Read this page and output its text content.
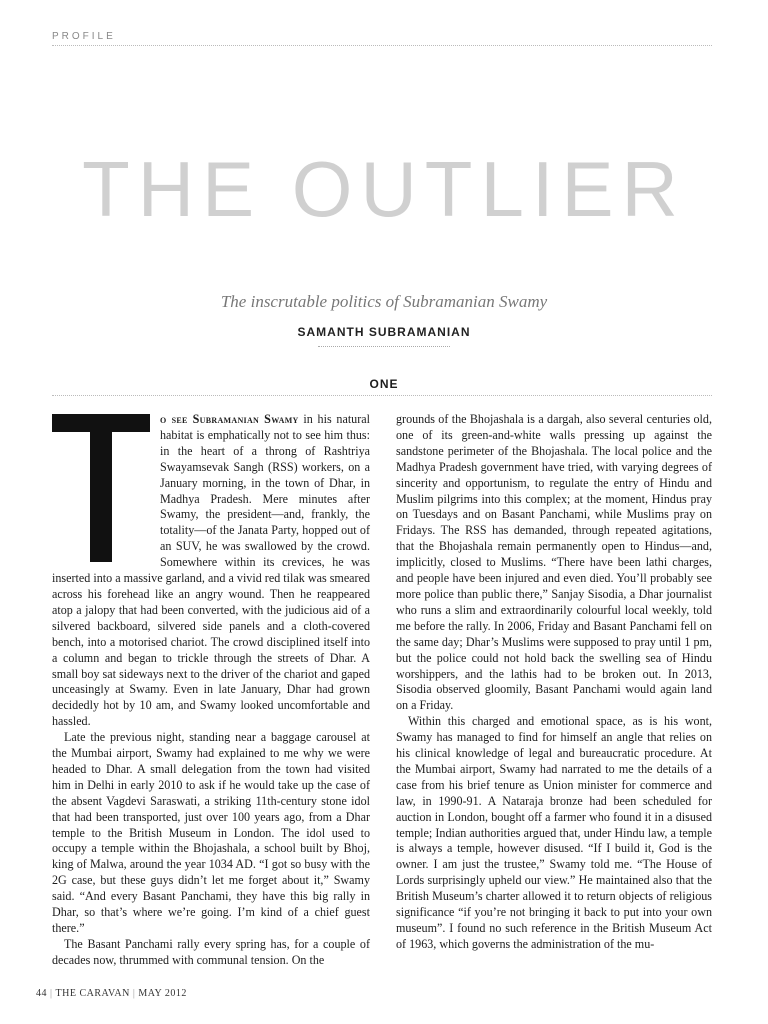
PROFILE
THE OUTLIER
The inscrutable politics of Subramanian Swamy
SAMANTH SUBRAMANIAN
ONE

o see Subramanian Swamy in his natural habitat is emphatically not to see him thus: in the heart of a throng of Rashtriya Swayamsevak Sangh (RSS) workers, on a January morning, in the town of Dhar, in Madhya Pradesh. Mere minutes after Swamy, the president—and, frankly, the totality—of the Janata Party, hopped out of an SUV, he was swallowed by the crowd. Somewhere within its crevices, he was inserted into a massive garland, and a vivid red tilak was smeared across his forehead like an angry wound. Then he reappeared atop a jalopy that had been converted, with the judicious aid of a silvered backboard, silvered side panels and a cloth-covered bench, into a motorised chariot. The crowd disciplined itself into a column and began to trickle through the streets of Dhar. A small boy sat sideways next to the driver of the chariot and gaped unceasingly at Swamy. Even in late January, Dhar had grown decidedly hot by 10 am, and Swamy looked uncomfortable and hassled.

Late the previous night, standing near a baggage carousel at the Mumbai airport, Swamy had explained to me why we were headed to Dhar. A small delegation from the town had visited him in Delhi in early 2010 to ask if he would take up the case of the absent Vagdevi Saraswati, a striking 11th-century stone idol that had been transported, just over 100 years ago, from a Dhar temple to the British Museum in London. The idol used to occupy a temple within the Bhojashala, a school built by Bhoj, king of Malwa, around the year 1034 AD. “I got so busy with the 2G case, but these guys didn’t let me forget about it,” Swamy said. “And every Basant Panchami, they have this big rally in Dhar, so that’s where we’re going. I’m kind of a chief guest there.”

The Basant Panchami rally every spring has, for a couple of decades now, thrummed with communal tension. On the

grounds of the Bhojashala is a dargah, also several centuries old, one of its green-and-white walls pressing up against the sandstone perimeter of the Bhojashala. The local police and the Madhya Pradesh government have tried, with varying degrees of sincerity and opportunism, to regulate the entry of Hindu and Muslim pilgrims into this complex; at the moment, Hindus pray on Tuesdays and on Basant Panchami, while Muslims pray on Fridays. The RSS has demanded, through repeated agitations, that the Bhojashala remain permanently open to Hindus—and, implicitly, closed to Muslims. “There have been lathi charges, and people have been injured and even died. You’ll probably see more police than public there,” Sanjay Sisodia, a Dhar journalist who runs a slim and extraordinarily colourful local weekly, told me before the rally. In 2006, Friday and Basant Panchami fell on the same day; Dhar’s Muslims were supposed to pray until 1 pm, but the police could not hold back the swelling sea of Hindu worshippers, and the lathis had to be broken out. In 2013, Sisodia observed gloomily, Basant Panchami would again land on a Friday.

Within this charged and emotional space, as is his wont, Swamy has managed to find for himself an angle that relies on his clinical knowledge of legal and bureaucratic procedure. At the Mumbai airport, Swamy had narrated to me the details of a case from his brief tenure as Union minister for commerce and law, in 1990-91. A Nataraja bronze had been scheduled for auction in London, bought off a farmer who found it in a disused temple; Indian authorities argued that, under Hindu law, a temple is always a temple, however disused. “If I build it, God is the owner. I am just the trustee,” Swamy told me. “The House of Lords surprisingly upheld our view.” He maintained also that the British Museum’s charter allowed it to return objects of religious significance “if you’re not bringing it back to put into your own museum”. I found no such reference in the British Museum Act of 1963, which governs the administration of the mu-

44 | THE CARAVAN | MAY 2012
